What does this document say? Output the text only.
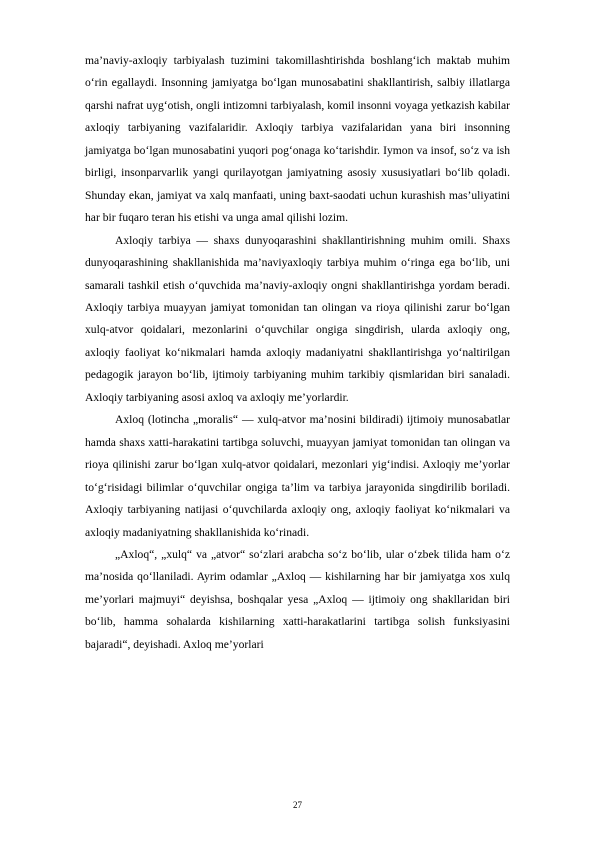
ma’naviy-axloqiy tarbiyalash tuzimini takomillashtirishda boshlang‘ich maktab muhim o‘rin egallaydi. Insonning jamiyatga bo‘lgan munosabatini shakllantirish, salbiy illatlarga qarshi nafrat uyg‘otish, ongli intizomni tarbiyalash, komil insonni voyaga yetkazish kabilar axloqiy tarbiyaning vazifalaridir. Axloqiy tarbiya vazifalaridan yana biri insonning jamiyatga bo‘lgan munosabatini yuqori pog‘onaga ko‘tarishdir. Iymon va insof, so‘z va ish birligi, insonparvarlik yangi qurilayotgan jamiyatning asosiy xususiyatlari bo‘lib qoladi. Shunday ekan, jamiyat va xalq manfaati, uning baxt-saodati uchun kurashish mas’uliyatini har bir fuqaro teran his etishi va unga amal qilishi lozim.

Axloqiy tarbiya — shaxs dunyoqarashini shakllantirishning muhim omili. Shaxs dunyoqarashining shakllanishida ma’naviyaxloqiy tarbiya muhim o‘ringa ega bo‘lib, uni samarali tashkil etish o‘quvchida ma’naviy-axloqiy ongni shakllantirishga yordam beradi. Axloqiy tarbiya muayyan jamiyat tomonidan tan olingan va rioya qilinishi zarur bo‘lgan xulq-atvor qoidalari, mezonlarini o‘quvchilar ongiga singdirish, ularda axloqiy ong, axloqiy faoliyat ko‘nikmalari hamda axloqiy madaniyatni shakllantirishga yo‘naltirilgan pedagogik jarayon bo‘lib, ijtimoiy tarbiyaning muhim tarkibiy qismlaridan biri sanaladi. Axloqiy tarbiyaning asosi axloq va axloqiy me’yorlardir.

Axloq (lotincha „moralis“ — xulq-atvor ma’nosini bildiradi) ijtimoiy munosabatlar hamda shaxs xatti-harakatini tartibga soluvchi, muayyan jamiyat tomonidan tan olingan va rioya qilinishi zarur bo‘lgan xulq-atvor qoidalari, mezonlari yig‘indisi. Axloqiy me’yorlar to‘g‘risidagi bilimlar o‘quvchilar ongiga ta’lim va tarbiya jarayonida singdirilib boriladi. Axloqiy tarbiyaning natijasi o‘quvchilarda axloqiy ong, axloqiy faoliyat ko‘nikmalari va axloqiy madaniyatning shakllanishida ko‘rinadi.

„Axloq“, „xulq“ va „atvor“ so‘zlari arabcha so‘z bo‘lib, ular o‘zbek tilida ham o‘z ma’nosida qo‘llaniladi. Ayrim odamlar „Axloq — kishilarning har bir jamiyatga xos xulq me’yorlari majmuyi“ deyishsa, boshqalar yesa „Axloq — ijtimoiy ong shakllaridan biri bo‘lib, hamma sohalarda kishilarning xatti-harakatlarini tartibga solish funksiyasini bajaradi“, deyishadi. Axloq me’yorlari

27
